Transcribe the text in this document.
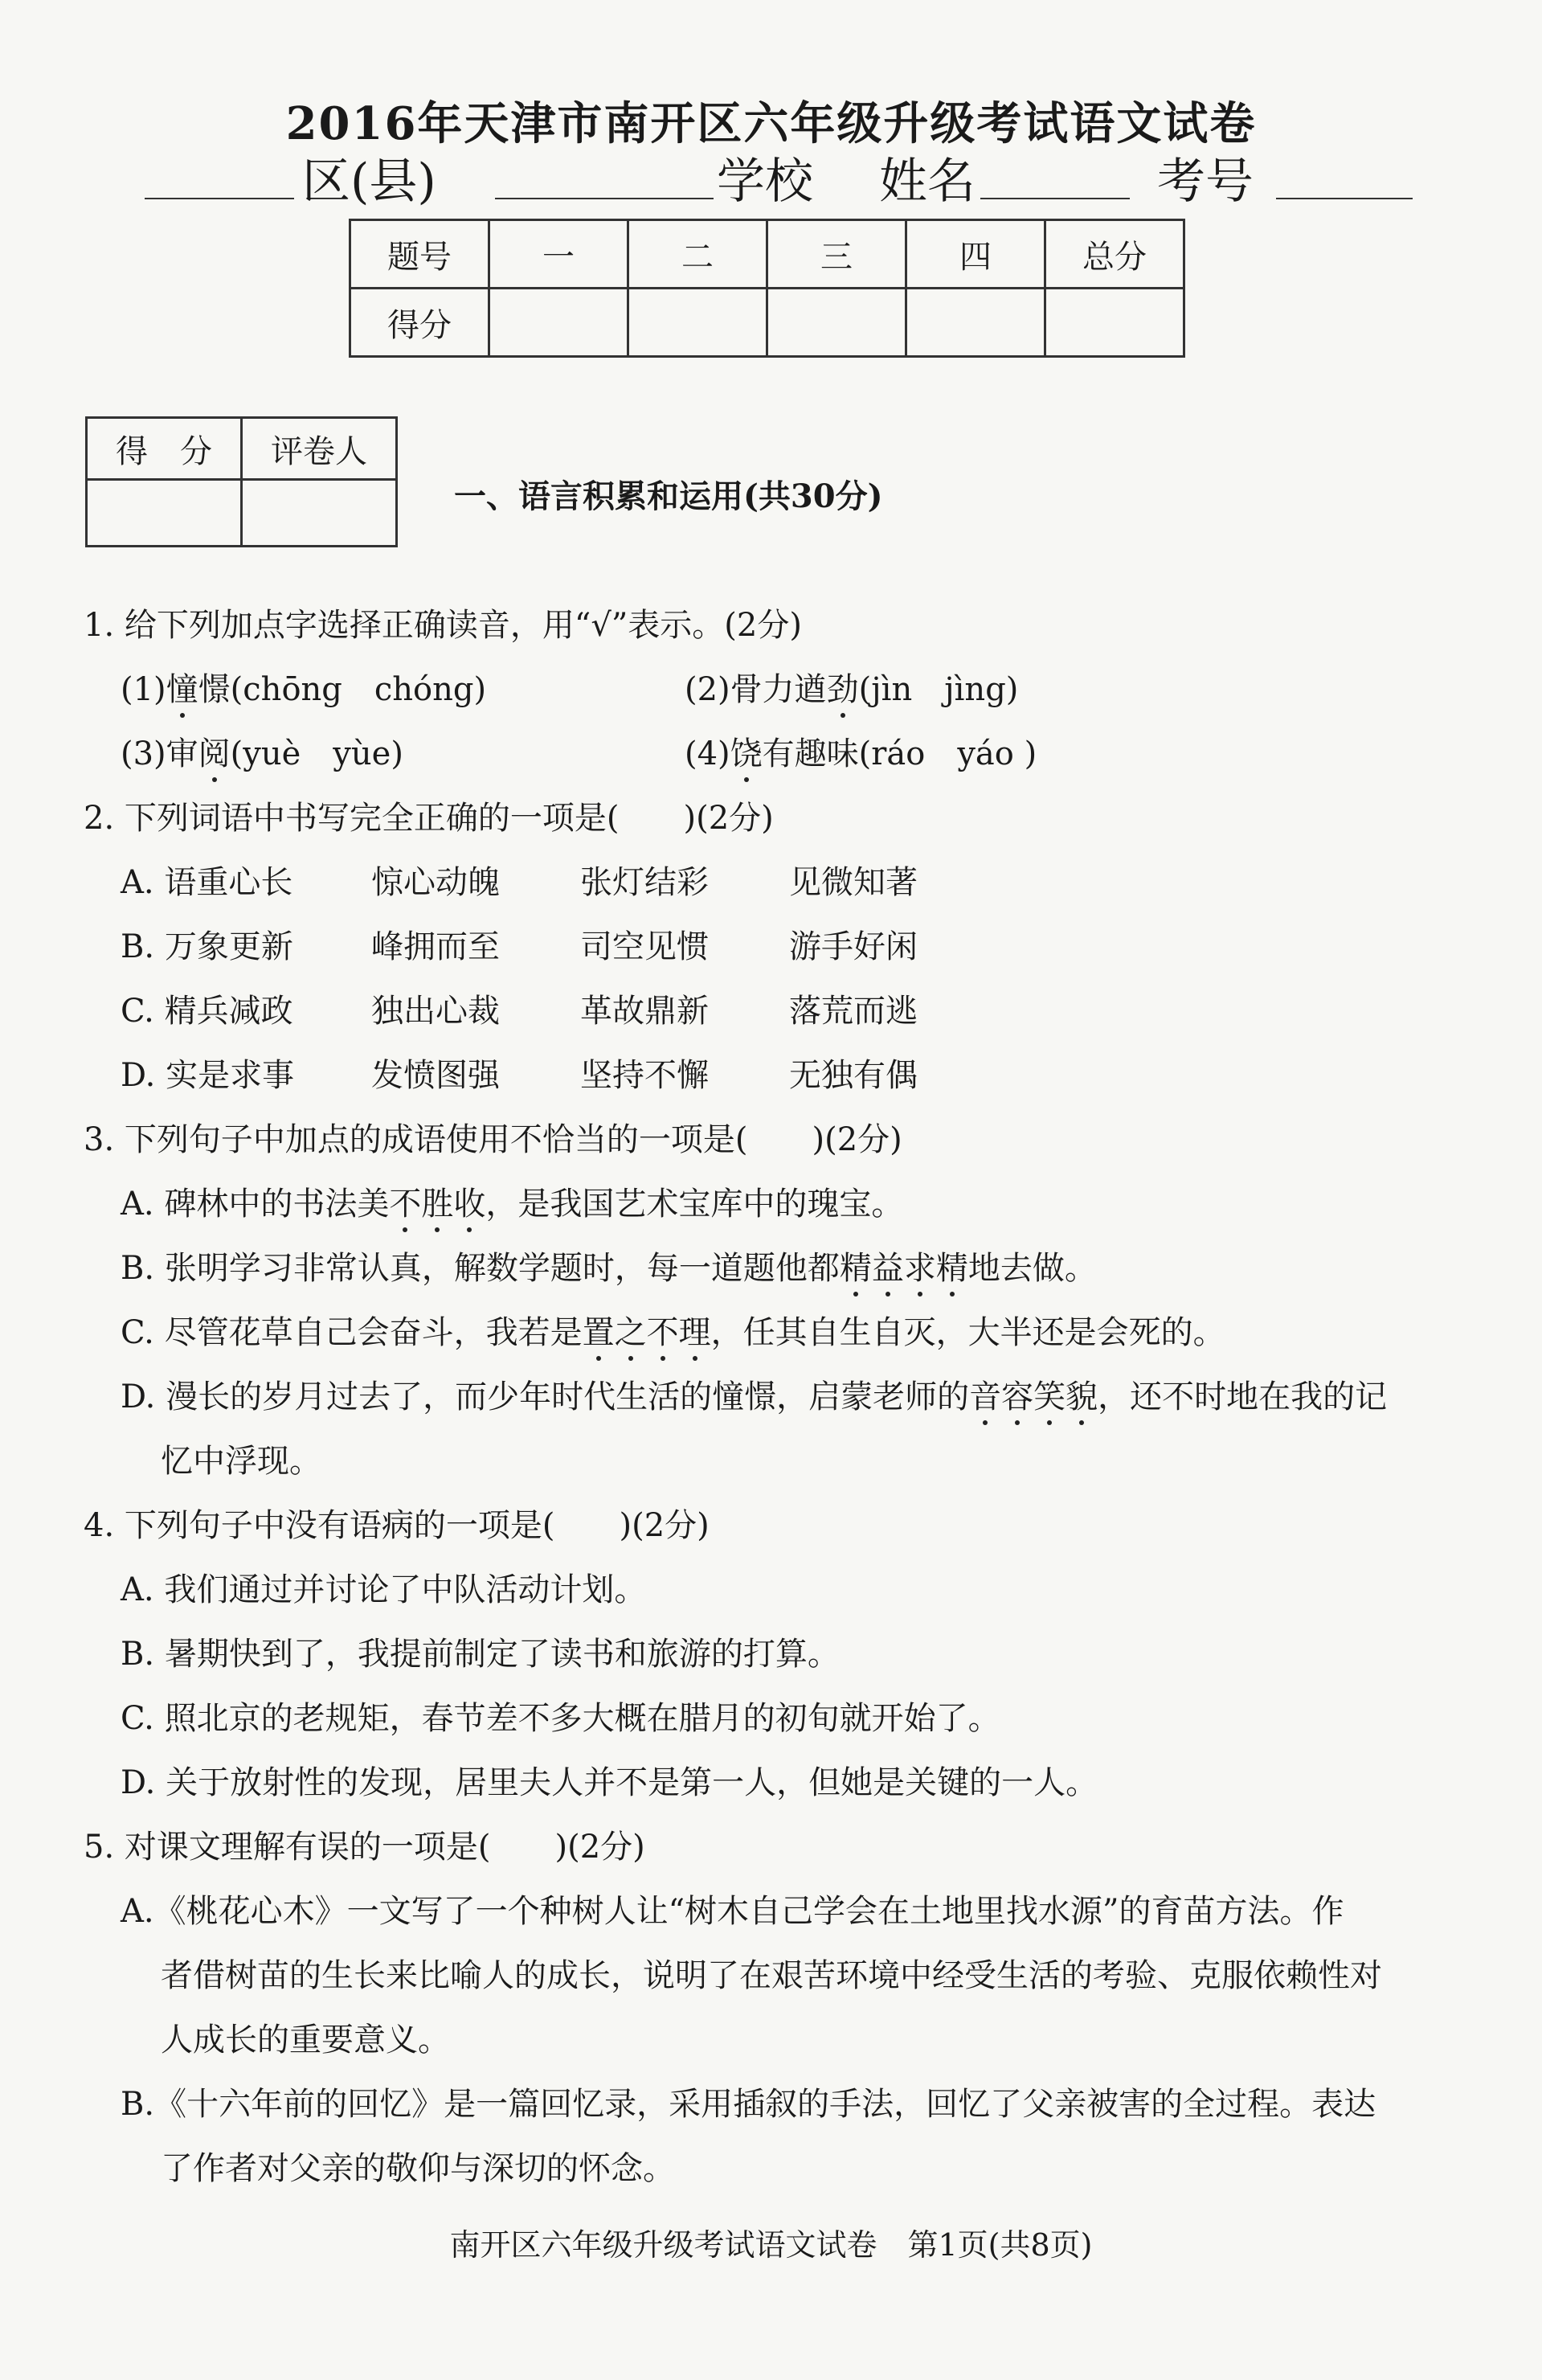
2016年天津市南开区六年级升级考试语文试卷
区(县)	学校 姓名	考号
题号	一	二	三	四	总分
得分					
得　分	评卷人

一、语言积累和运用(共30分)
1. 给下列加点字选择正确读音，用“√”表示。(2分)
(1)憧憬(chōng　chóng)	(2)骨力遒劲(jìn　jìng)
(3)审阅(yuè　yùe)	(4)饶有趣味(ráo　yáo )
2. 下列词语中书写完全正确的一项是(　　)(2分)
A. 语重心长 惊心动魄	张灯结彩	见微知著
B. 万象更新 峰拥而至	司空见惯	游手好闲
C. 精兵减政 独出心裁	革故鼎新	落荒而逃
D. 实是求事 发愤图强	坚持不懈	无独有偶
3. 下列句子中加点的成语使用不恰当的一项是(　　)(2分)
A. 碑林中的书法美不胜收，是我国艺术宝库中的瑰宝。
B. 张明学习非常认真，解数学题时，每一道题他都精益求精地去做。
C. 尽管花草自己会奋斗，我若是置之不理，任其自生自灭，大半还是会死的。
D. 漫长的岁月过去了，而少年时代生活的憧憬，启蒙老师的音容笑貌，还不时地在我的记
忆中浮现。
4. 下列句子中没有语病的一项是(　　)(2分)
A. 我们通过并讨论了中队活动计划。
B. 暑期快到了，我提前制定了读书和旅游的打算。
C. 照北京的老规矩，春节差不多大概在腊月的初旬就开始了。
D. 关于放射性的发现，居里夫人并不是第一人，但她是关键的一人。
5. 对课文理解有误的一项是(　　)(2分)
A.《桃花心木》一文写了一个种树人让“树木自己学会在土地里找水源”的育苗方法。作
者借树苗的生长来比喻人的成长，说明了在艰苦环境中经受生活的考验、克服依赖性对
人成长的重要意义。
B.《十六年前的回忆》是一篇回忆录，采用插叙的手法，回忆了父亲被害的全过程。表达
了作者对父亲的敬仰与深切的怀念。
南开区六年级升级考试语文试卷　第1页(共8页)
